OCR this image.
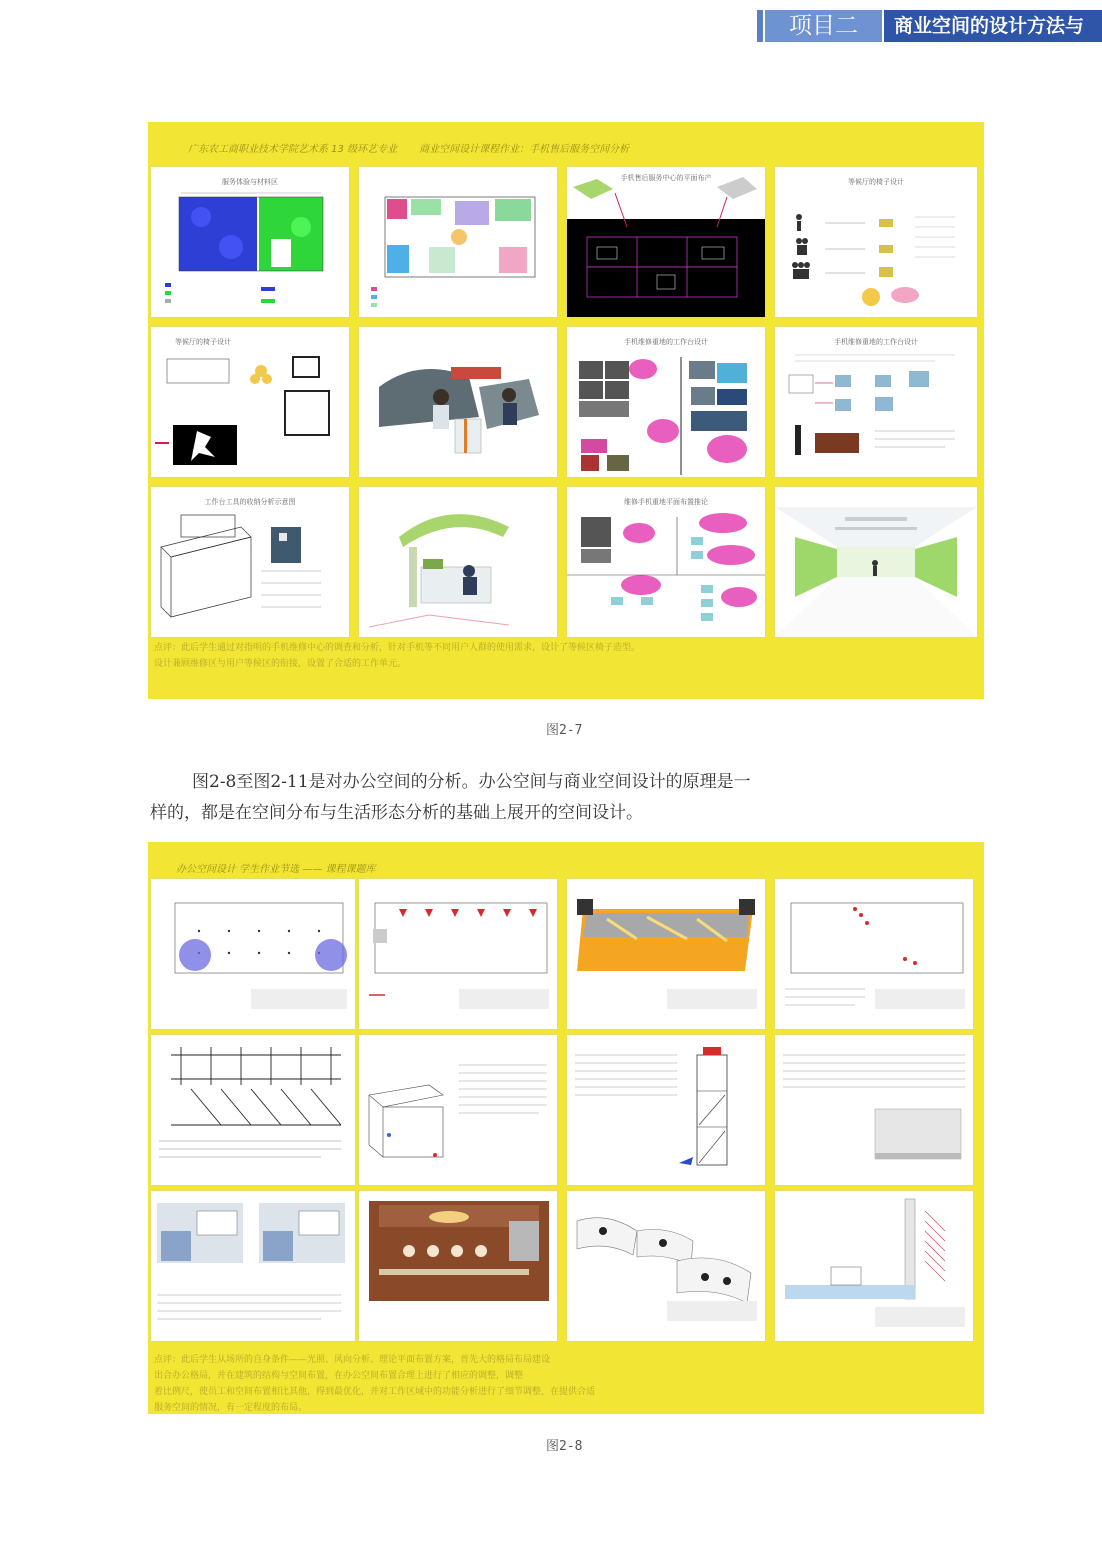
项目二	商业空间的设计方法与
广东农工商职业技术学院艺术系 13 级环艺专业 商业空间设计课程作业：手机售后服务空间分析
服务体验与材料区	手机售后服务中心的平面布产	等候厅的椅子设计
等候厅的椅子设计	手机维修重地的工作台设计	手机维修重地的工作台设计
工作台工具的收纳分析示意图	维修手机重地平面布置推论
点评：此后学生通过对指明的手机维修中心的调查和分析，针对手机等不同用户人群的使用需求，设计了等候区椅子造型。
设计兼顾维修区与用户等候区的衔接，设置了合适的工作单元。
图2-7
图2-8至图2-11是对办公空间的分析。办公空间与商业空间设计的原理是一
样的，都是在空间分布与生活形态分析的基础上展开的空间设计。
办公空间设计 学生作业节选 —— 课程课题库
点评：此后学生从场所的自身条件——光照、风向分析、理论平面布置方案，首先大的格局布局建设
出合办公格局，并在建筑的结构与空间布置，在办公空间布置合理上进行了相应的调整，调整
着比例尺，使员工和空间布置相比其他，得到最优化，并对工作区域中的功能分析进行了细节调整，在提供合适
服务空间的情况，有一定程度的布局。
图2-8
